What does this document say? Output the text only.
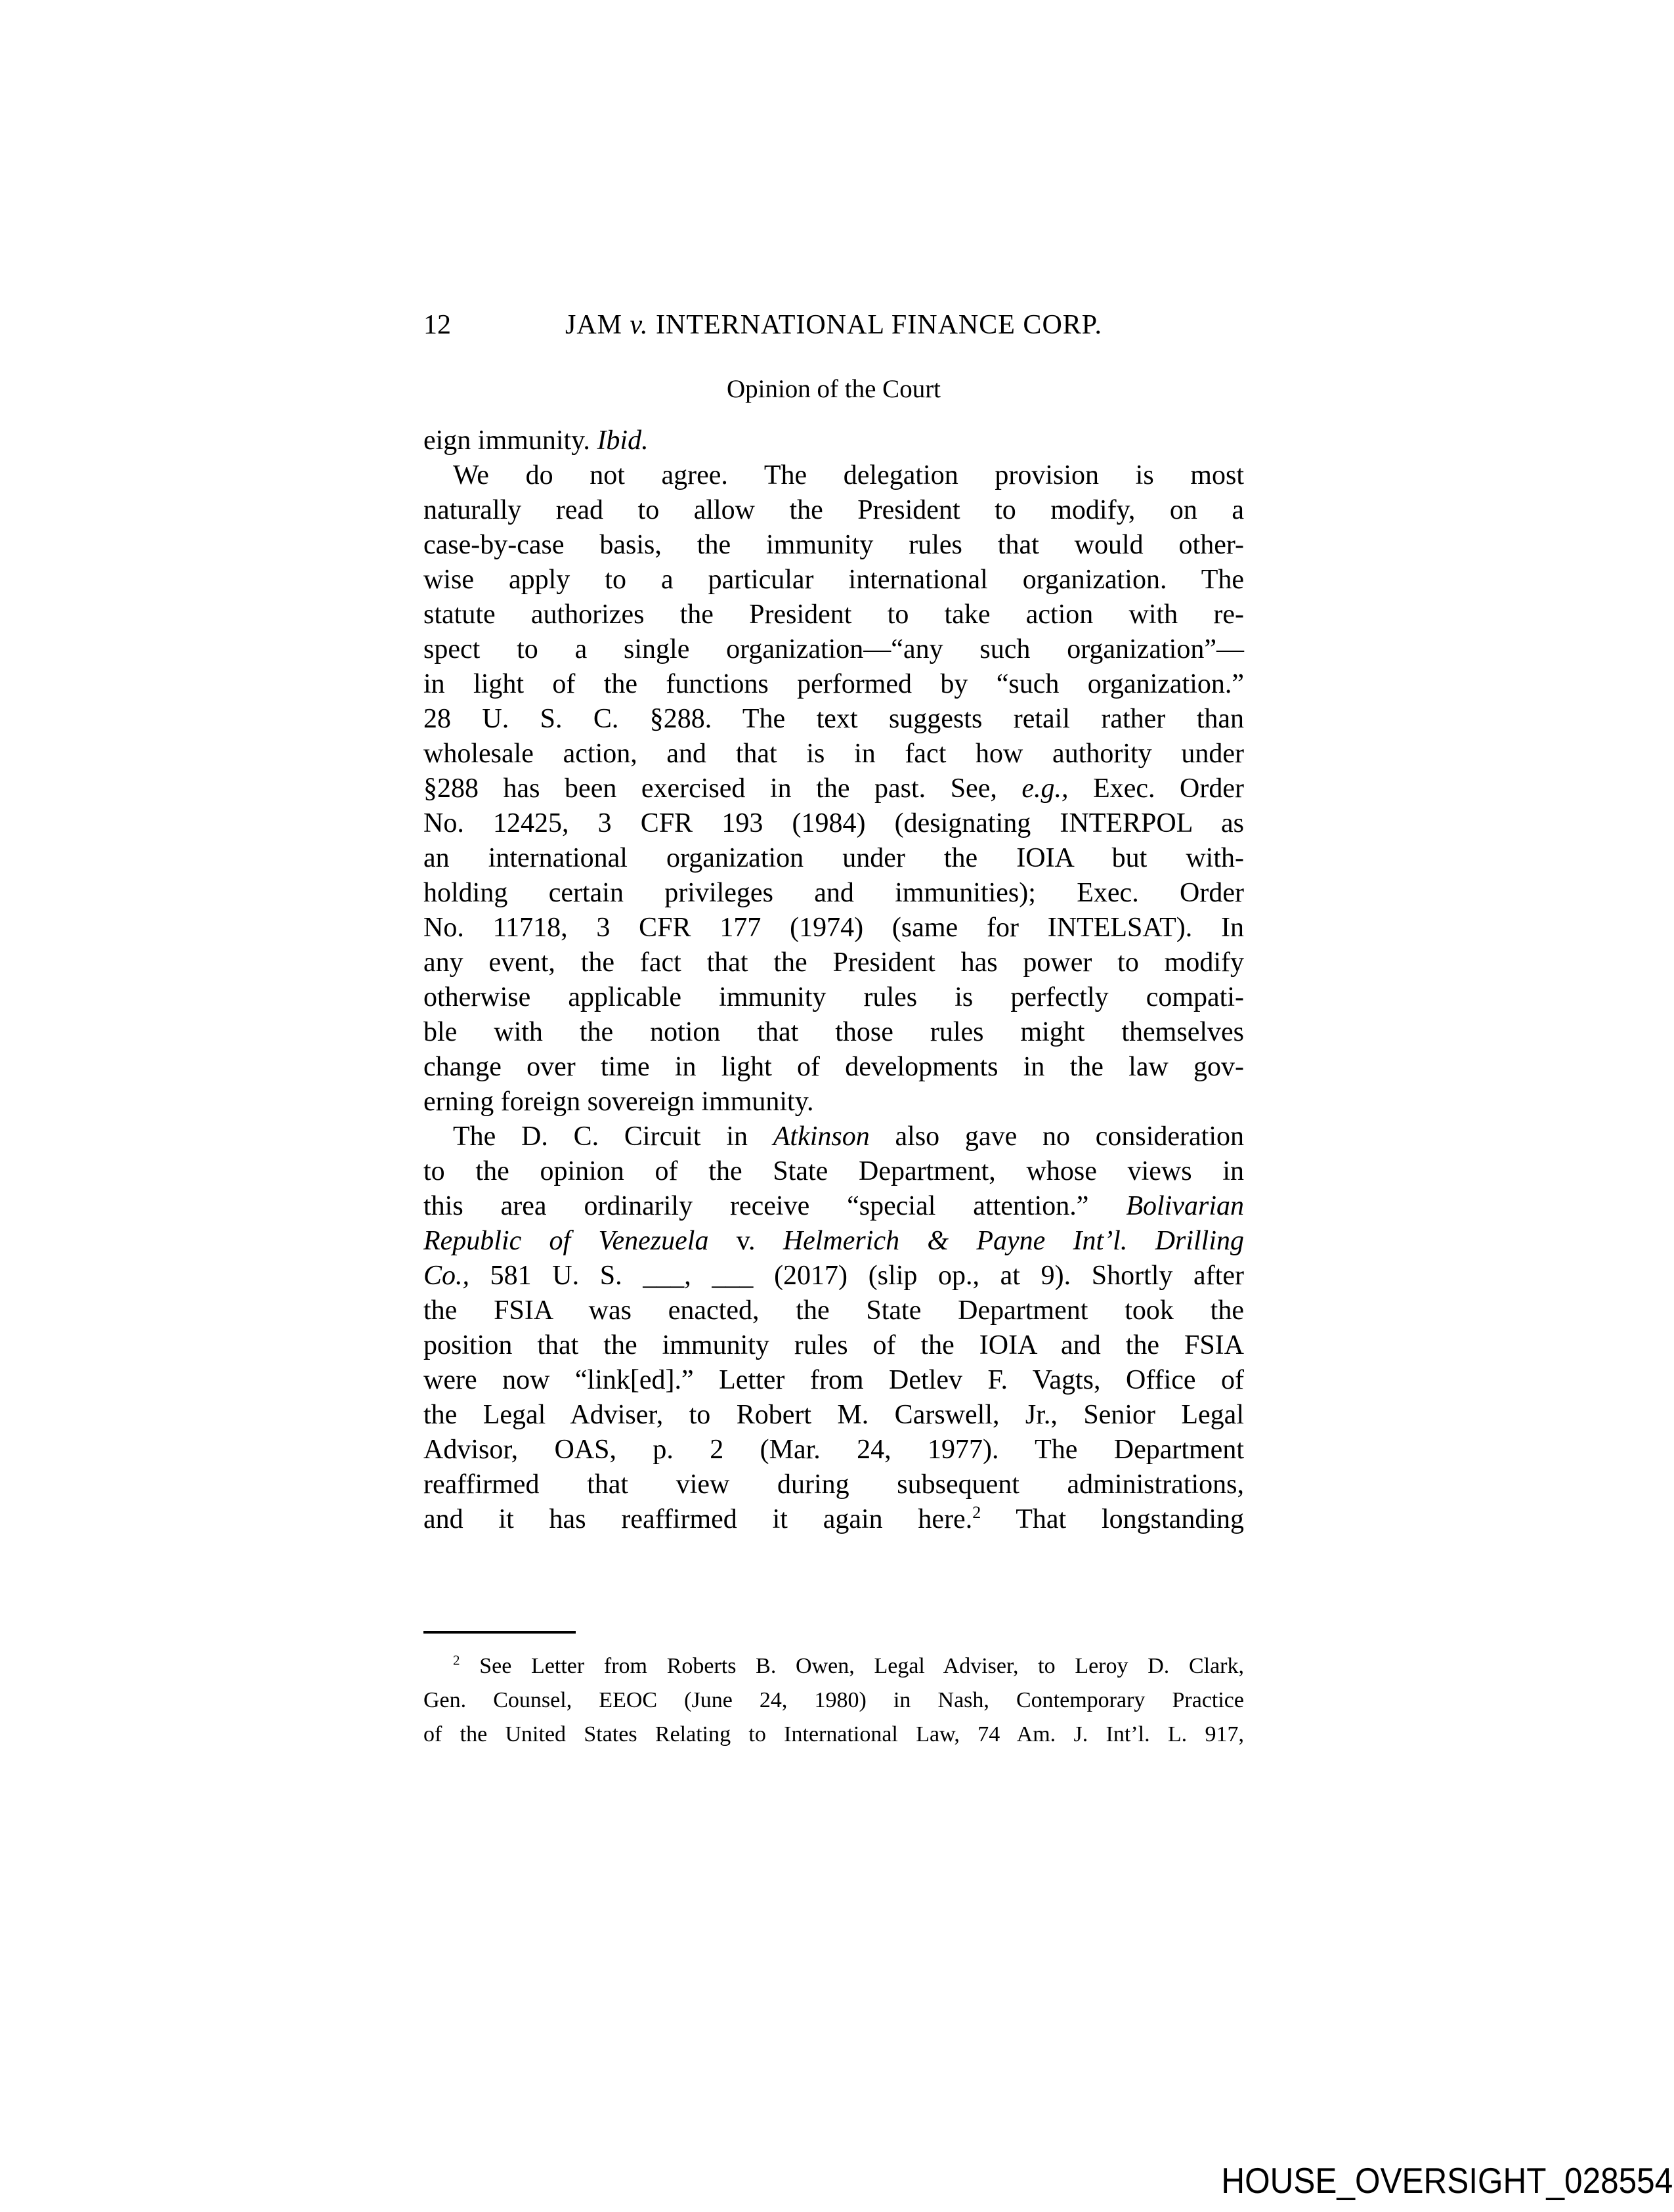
12	JAM v. INTERNATIONAL FINANCE CORP.
Opinion of the Court
eign immunity. Ibid.
We do not agree. The delegation provision is most
naturally read to allow the President to modify, on a
case-by-case basis, the immunity rules that would other-
wise apply to a particular international organization. The
statute authorizes the President to take action with re-
spect to a single organization—“any such organization”—
in light of the functions performed by “such organization.”
28 U. S. C. §288. The text suggests retail rather than
wholesale action, and that is in fact how authority under
§288 has been exercised in the past. See, e.g., Exec. Order
No. 12425, 3 CFR 193 (1984) (designating INTERPOL as
an international organization under the IOIA but with-
holding certain privileges and immunities); Exec. Order
No. 11718, 3 CFR 177 (1974) (same for INTELSAT). In
any event, the fact that the President has power to modify
otherwise applicable immunity rules is perfectly compati-
ble with the notion that those rules might themselves
change over time in light of developments in the law gov-
erning foreign sovereign immunity.
The D. C. Circuit in Atkinson also gave no consideration
to the opinion of the State Department, whose views in
this area ordinarily receive “special attention.” Bolivarian
Republic of Venezuela v. Helmerich & Payne Int’l. Drilling
Co., 581 U. S. ___, ___ (2017) (slip op., at 9). Shortly after
the FSIA was enacted, the State Department took the
position that the immunity rules of the IOIA and the FSIA
were now “link[ed].” Letter from Detlev F. Vagts, Office of
the Legal Adviser, to Robert M. Carswell, Jr., Senior Legal
Advisor, OAS, p. 2 (Mar. 24, 1977). The Department
reaffirmed that view during subsequent administrations,
and it has reaffirmed it again here.$^2$ That longstanding
$^2$ See Letter from Roberts B. Owen, Legal Adviser, to Leroy D. Clark,
Gen. Counsel, EEOC (June 24, 1980) in Nash, Contemporary Practice
of the United States Relating to International Law, 74 Am. J. Int’l. L. 917,
HOUSE_OVERSIGHT_028554
